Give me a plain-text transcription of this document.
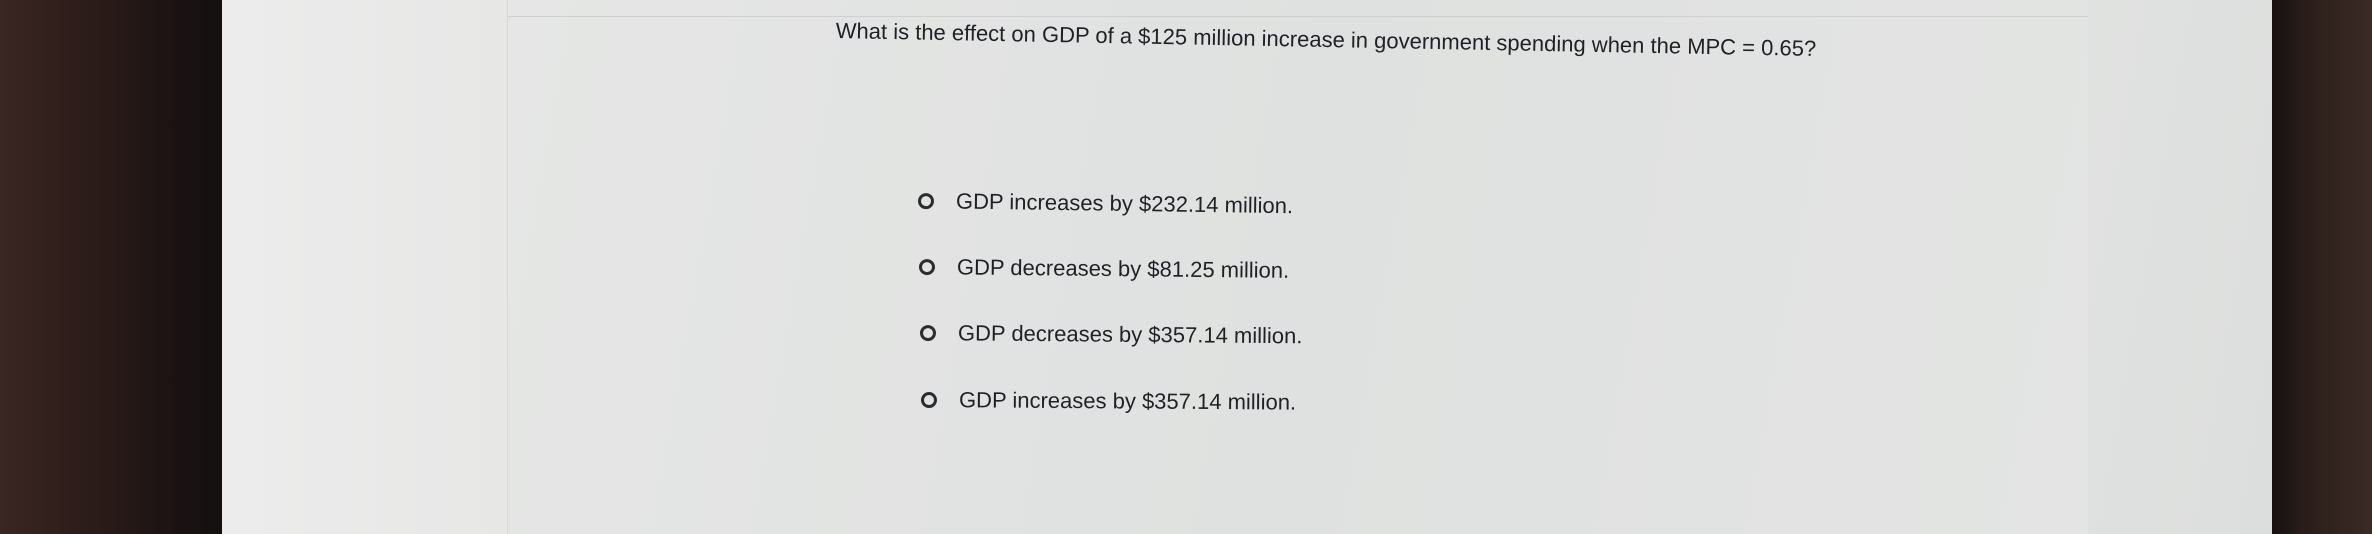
What is the effect on GDP of a $125 million increase in government spending when the MPC = 0.65?
GDP increases by $232.14 million.
GDP decreases by $81.25 million.
GDP decreases by $357.14 million.
GDP increases by $357.14 million.
